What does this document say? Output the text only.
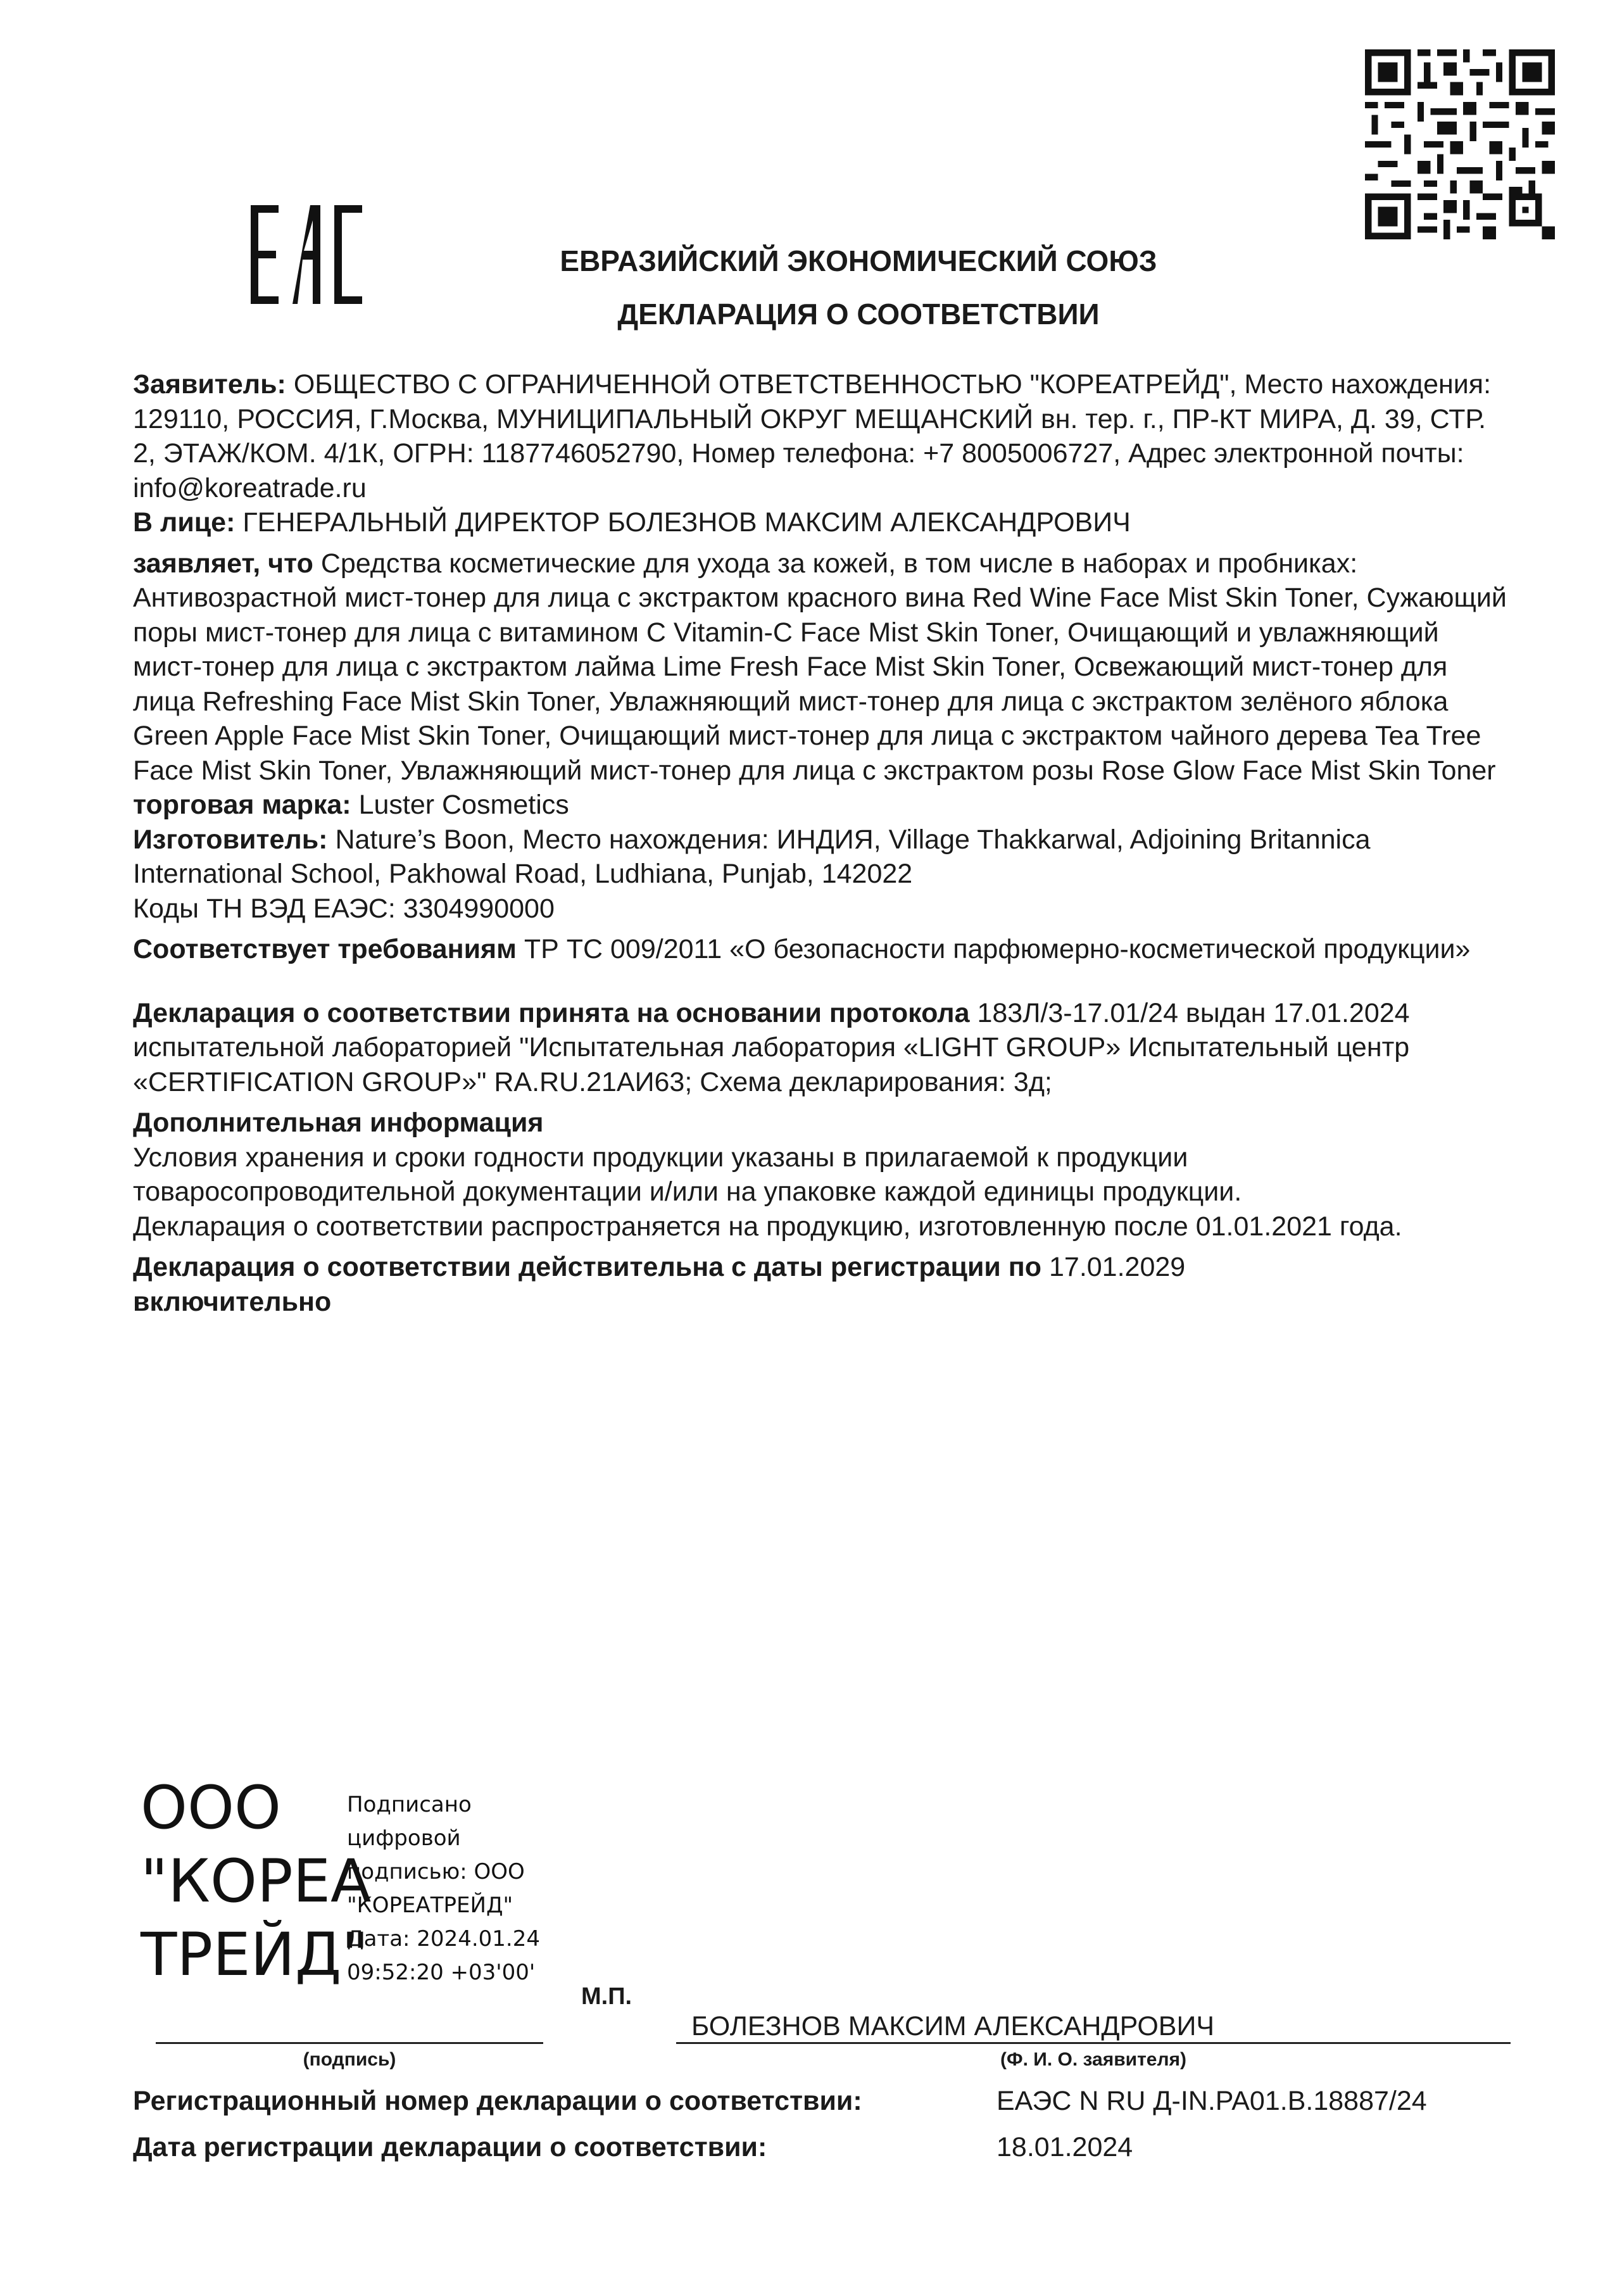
ЕВРАЗИЙСКИЙ ЭКОНОМИЧЕСКИЙ СОЮЗ
ДЕКЛАРАЦИЯ О СООТВЕТСТВИИ

Заявитель: ОБЩЕСТВО С ОГРАНИЧЕННОЙ ОТВЕТСТВЕННОСТЬЮ "КОРЕАТРЕЙД", Место нахождения: 129110, РОССИЯ, Г.Москва, МУНИЦИПАЛЬНЫЙ ОКРУГ МЕЩАНСКИЙ вн. тер. г., ПР-КТ МИРА, Д. 39, СТР. 2, ЭТАЖ/КОМ. 4/1К, ОГРН: 1187746052790, Номер телефона: +7 8005006727, Адрес электронной почты: info@koreatrade.ru

В лице: ГЕНЕРАЛЬНЫЙ ДИРЕКТОР БОЛЕЗНОВ МАКСИМ АЛЕКСАНДРОВИЧ

заявляет, что Средства косметические для ухода за кожей, в том числе в наборах и пробниках: Антивозрастной мист-тонер для лица с экстрактом красного вина Red Wine Face Mist Skin Toner, Сужающий поры мист-тонер для лица с витамином С Vitamin-C Face Mist Skin Toner, Очищающий и увлажняющий мист-тонер для лица с экстрактом лайма Lime Fresh Face Mist Skin Toner, Освежающий мист-тонер для лица Refreshing Face Mist Skin Toner, Увлажняющий мист-тонер для лица с экстрактом зелёного яблока Green Apple Face Mist Skin Toner, Очищающий мист-тонер для лица с экстрактом чайного дерева Tea Tree Face Mist Skin Toner, Увлажняющий мист-тонер для лица с экстрактом розы Rose Glow Face Mist Skin Toner

торговая марка: Luster Cosmetics

Изготовитель: Nature’s Boon, Место нахождения: ИНДИЯ, Village Thakkarwal, Adjoining Britannica International School, Pakhowal Road, Ludhiana, Punjab, 142022

Коды ТН ВЭД ЕАЭС: 3304990000

Соответствует требованиям ТР ТС 009/2011 «О безопасности парфюмерно-косметической продукции»

Декларация о соответствии принята на основании протокола 183Л/3-17.01/24 выдан 17.01.2024 испытательной лабораторией "Испытательная лаборатория «LIGHT GROUP» Испытательный центр «CERTIFICATION GROUP»" RA.RU.21АИ63; Схема декларирования: 3д;

Дополнительная информация

Условия хранения и сроки годности продукции указаны в прилагаемой к продукции товаросопроводительной документации и/или на упаковке каждой единицы продукции.

Декларация о соответствии распространяется на продукцию, изготовленную после 01.01.2021 года.

Декларация о соответствии действительна с даты регистрации по 17.01.2029
включительно

ООО
"КОРЕА
ТРЕЙД"
Подписано
цифровой
подписью: ООО
"КОРЕАТРЕЙД"
Дата: 2024.01.24
09:52:20 +03'00'
М.П.
БОЛЕЗНОВ МАКСИМ АЛЕКСАНДРОВИЧ
(подпись)	(Ф. И. О. заявителя)
Регистрационный номер декларации о соответствии:	ЕАЭС N RU Д-IN.PA01.B.18887/24
Дата регистрации декларации о соответствии:	18.01.2024
